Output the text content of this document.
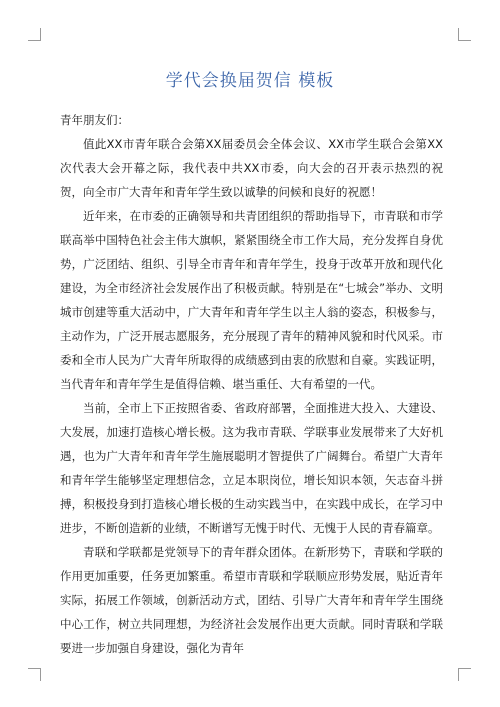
学代会换届贺信 模板

青年朋友们：

值此XX市青年联合会第XX届委员会全体会议、XX市学生联合会第XX次代表大会开幕之际，我代表中共XX市委，向大会的召开表示热烈的祝贺，向全市广大青年和青年学生致以诚挚的问候和良好的祝愿！

近年来，在市委的正确领导和共青团组织的帮助指导下，市青联和市学联高举中国特色社会主伟大旗帜，紧紧围绕全市工作大局，充分发挥自身优势，广泛团结、组织、引导全市青年和青年学生，投身于改革开放和现代化建设，为全市经济社会发展作出了积极贡献。特别是在“七城会”举办、文明城市创建等重大活动中，广大青年和青年学生以主人翁的姿态，积极参与，主动作为，广泛开展志愿服务，充分展现了青年的精神风貌和时代风采。市委和全市人民为广大青年所取得的成绩感到由衷的欣慰和自豪。实践证明，当代青年和青年学生是值得信赖、堪当重任、大有希望的一代。

当前，全市上下正按照省委、省政府部署，全面推进大投入、大建设、大发展，加速打造核心增长极。这为我市青联、学联事业发展带来了大好机遇，也为广大青年和青年学生施展聪明才智提供了广阔舞台。希望广大青年和青年学生能够坚定理想信念，立足本职岗位，增长知识本领，矢志奋斗拼搏，积极投身到打造核心增长极的生动实践当中，在实践中成长，在学习中进步，不断创造新的业绩，不断谱写无愧于时代、无愧于人民的青春篇章。

青联和学联都是党领导下的青年群众团体。在新形势下，青联和学联的作用更加重要，任务更加繁重。希望市青联和学联顺应形势发展，贴近青年实际，拓展工作领域，创新活动方式，团结、引导广大青年和青年学生围绕中心工作，树立共同理想，为经济社会发展作出更大贡献。同时青联和学联要进一步加强自身建设，强化为青年
